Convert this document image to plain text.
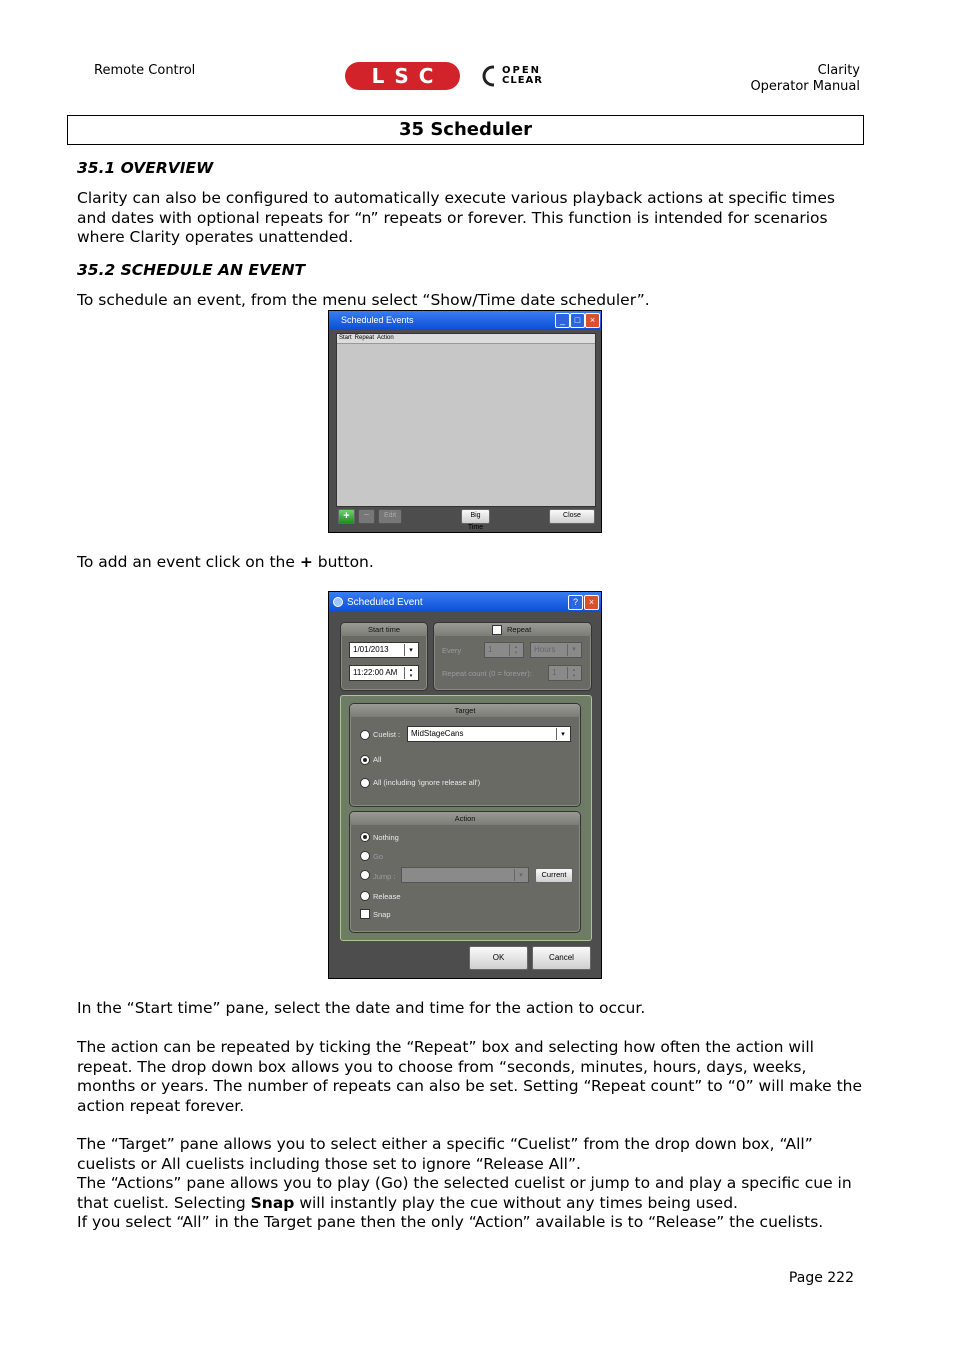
Remote Control	LSC	OPEN
CLEAR
Clarity
Operator Manual
35 Scheduler
35.1 OVERVIEW
Clarity can also be configured to automatically execute various playback actions at specific times and dates with optional repeats for “n” repeats or forever. This function is intended for scenarios where Clarity operates unattended.
35.2 SCHEDULE AN EVENT
To schedule an event, from the menu select “Show/Time date scheduler”.
Scheduled Events	_	□	×
Start Repeat Action
+	−	Edit	Big Time
Close
To add an event click on the + button.
Scheduled Event	?	×
Start time
1/01/2013	▾
11:22:00 AM	▴
▾
Repeat
Every	1	▴
▾	Hours	▾
Repeat count (0 = forever):	1	▴
▾
Target
Cuelist :	MidStageCans	▾
All
All (including 'ignore release all')
Action
Nothing
Go
Jump :	▾	Current
Release
Snap
OK	Cancel
In the “Start time” pane, select the date and time for the action to occur.
The action can be repeated by ticking the “Repeat” box and selecting how often the action will repeat. The drop down box allows you to choose from “seconds, minutes, hours, days, weeks, months or years. The number of repeats can also be set. Setting “Repeat count” to “0” will make the action repeat forever.
The “Target” pane allows you to select either a specific “Cuelist” from the drop down box, “All” cuelists or All cuelists including those set to ignore “Release All”.
The “Actions” pane allows you to play (Go) the selected cuelist or jump to and play a specific cue in that cuelist. Selecting Snap will instantly play the cue without any times being used.
If you select “All” in the Target pane then the only “Action” available is to “Release” the cuelists.
Page 222
